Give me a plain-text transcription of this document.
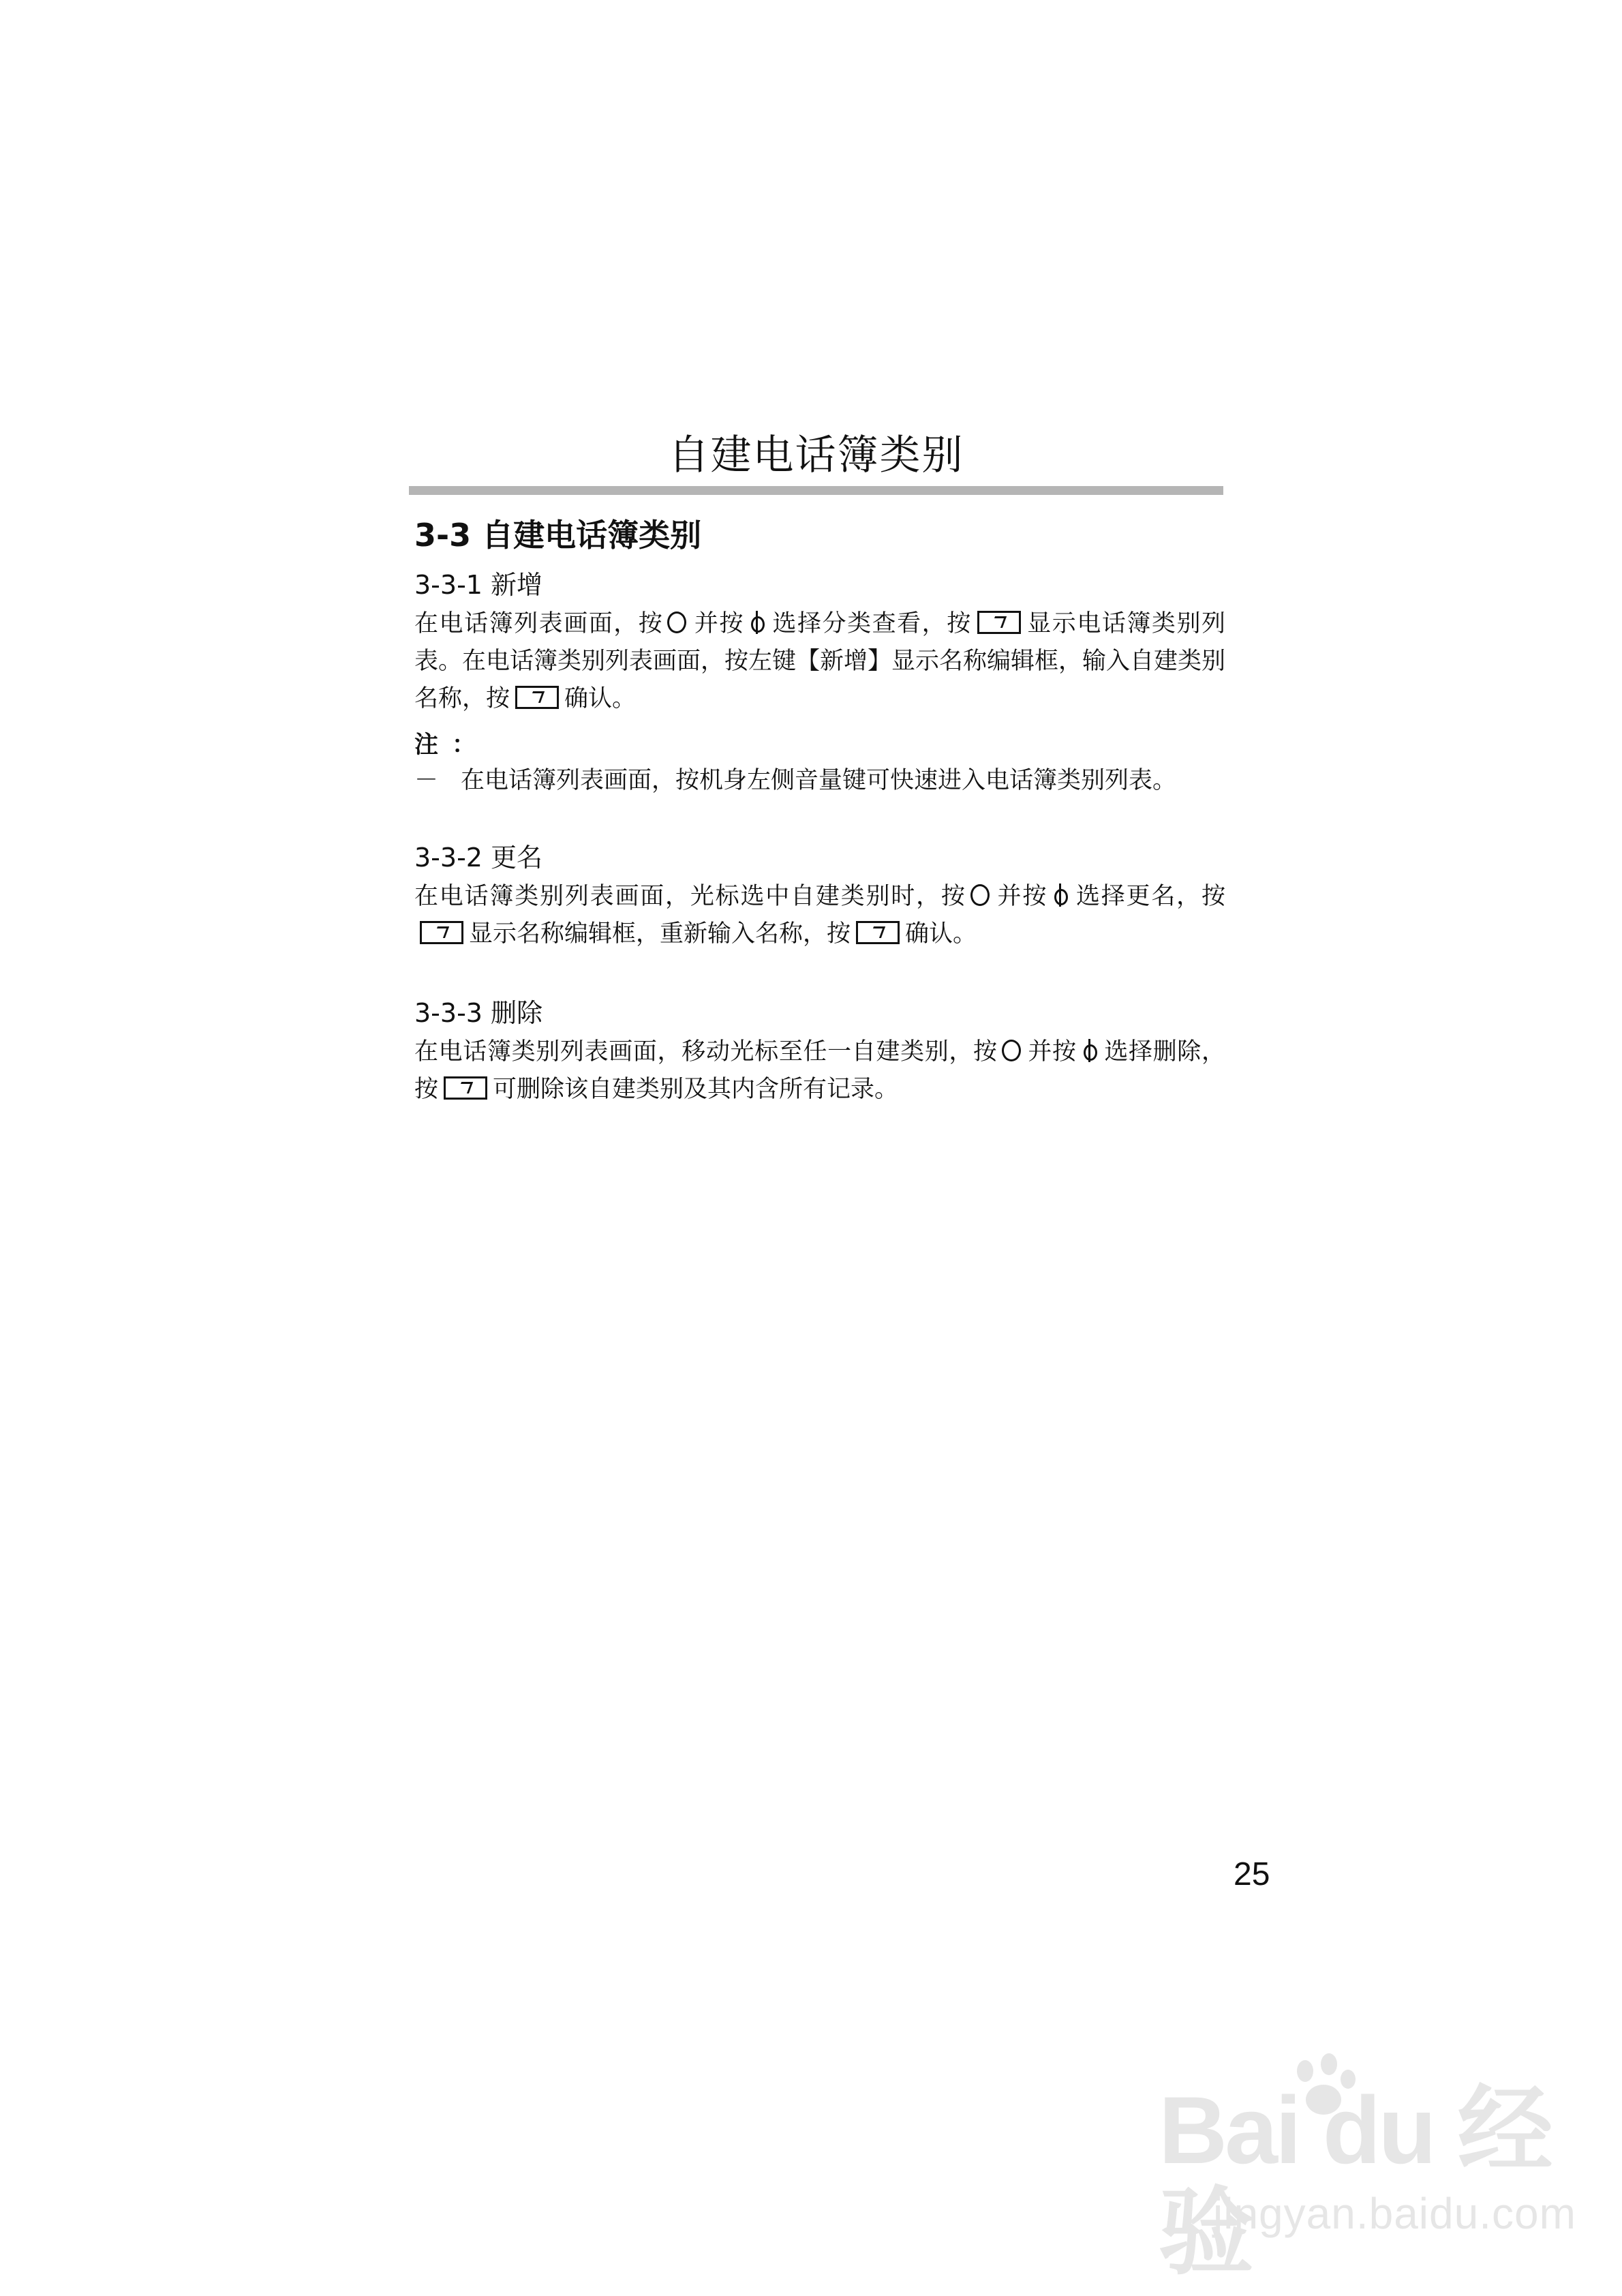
自建电话簿类别
3-3 自建电话簿类别
3-3-1 新增
在电话簿列表画面，按 并按 选择分类查看，按 显示电话簿类别列表。在电话簿类别列表画面，按左键【新增】显示名称编辑框，输入自建类别名称，按 确认。
注：
－ 在电话簿列表画面，按机身左侧音量键可快速进入电话簿类别列表。
3-3-2 更名
在电话簿类别列表画面，光标选中自建类别时，按 并按 选择更名，按显示名称编辑框，重新输入名称，按 确认。
3-3-3 删除
在电话簿类别列表画面，移动光标至任一自建类别，按 并按 选择删除，按 可删除该自建类别及其内含所有记录。
25
Bai du 经验
jingyan.baidu.com
